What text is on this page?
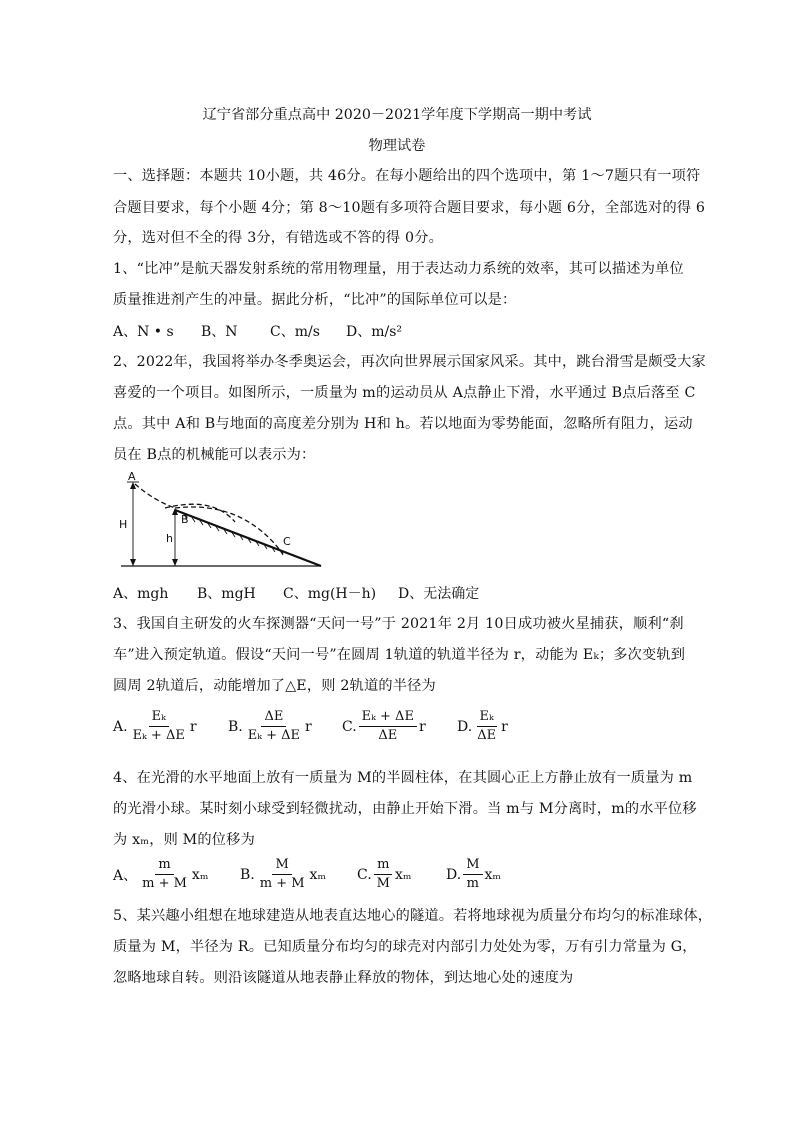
辽宁省部分重点高中 2020－2021学年度下学期高一期中考试
物理试卷
一、选择题：本题共 10小题，共 46分。在每小题给出的四个选项中，第 1～7题只有一项符
合题目要求，每个小题 4分；第 8～10题有多项符合题目要求，每小题 6分，全部选对的得 6
分，选对但不全的得 3分，有错选或不答的得 0分。
1、“比冲”是航天器发射系统的常用物理量，用于表达动力系统的效率，其可以描述为单位
质量推进剂产生的冲量。据此分析，“比冲”的国际单位可以是：
A、N • s B、N C、m/s D、m/s²
2、2022年，我国将举办冬季奥运会，再次向世界展示国家风采。其中，跳台滑雪是颇受大家
喜爱的一个项目。如图所示，一质量为 m的运动员从 A点静止下滑，水平通过 B点后落至 C
点。其中 A和 B与地面的高度差分别为 H和 h。若以地面为零势能面，忽略所有阻力，运动
员在 B点的机械能可以表示为：
A
B
C
H
h
A、mgh B、mgH C、mg(H－h) D、无法确定
3、我国自主研发的火车探测器“天问一号”于 2021年 2月 10日成功被火星捕获，顺利“刹
车”进入预定轨道。假设“天问一号”在圆周 1轨道的轨道半径为 r，动能为 Eₖ；多次变轨到
圆周 2轨道后，动能增加了△E，则 2轨道的半径为
A. $\frac{\text{Eₖ}}{\text{Eₖ + ΔE}}$ r B. $\frac{\Delta E}{\text{Eₖ + ΔE}}$ r C. $\frac{\text{Eₖ + ΔE}}{\Delta E}$ r D. $\frac{\text{Eₖ}}{\Delta E}$ r
4、在光滑的水平地面上放有一质量为 M的半圆柱体，在其圆心正上方静止放有一质量为 m
的光滑小球。某时刻小球受到轻微扰动，由静止开始下滑。当 m与 M分离时，m的水平位移
为 xₘ，则 M的位移为
A、 $\frac{m}{m + M}$ xₘ B. $\frac{M}{m + M}$ xₘ C. $\frac{m}{M}$ xₘ D. $\frac{M}{m}$ xₘ
5、某兴趣小组想在地球建造从地表直达地心的隧道。若将地球视为质量分布均匀的标准球体，
质量为 M，半径为 R。已知质量分布均匀的球壳对内部引力处处为零，万有引力常量为 G，
忽略地球自转。则沿该隧道从地表静止释放的物体，到达地心处的速度为
